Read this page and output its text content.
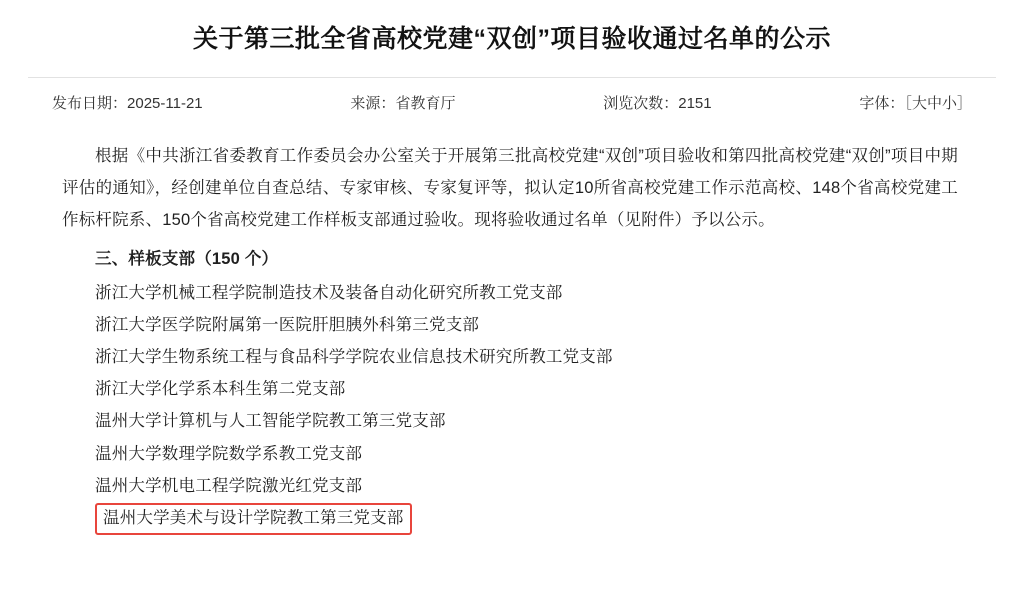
关于第三批全省高校党建“双创”项目验收通过名单的公示
发布日期：2025-11-21	来源：省教育厅	浏览次数：2151	字体：［大中小］

根据《中共浙江省委教育工作委员会办公室关于开展第三批高校党建“双创”项目验收和第四批高校党建“双创”项目中期评估的通知》，经创建单位自查总结、专家审核、专家复评等，拟认定10所省高校党建工作示范高校、148个省高校党建工作标杆院系、150个省高校党建工作样板支部通过验收。现将验收通过名单（见附件）予以公示。

三、样板支部（150 个）

浙江大学机械工程学院制造技术及装备自动化研究所教工党支部
浙江大学医学院附属第一医院肝胆胰外科第三党支部
浙江大学生物系统工程与食品科学学院农业信息技术研究所教工党支部
浙江大学化学系本科生第二党支部
温州大学计算机与人工智能学院教工第三党支部
温州大学数理学院数学系教工党支部
温州大学机电工程学院激光红党支部
温州大学美术与设计学院教工第三党支部
